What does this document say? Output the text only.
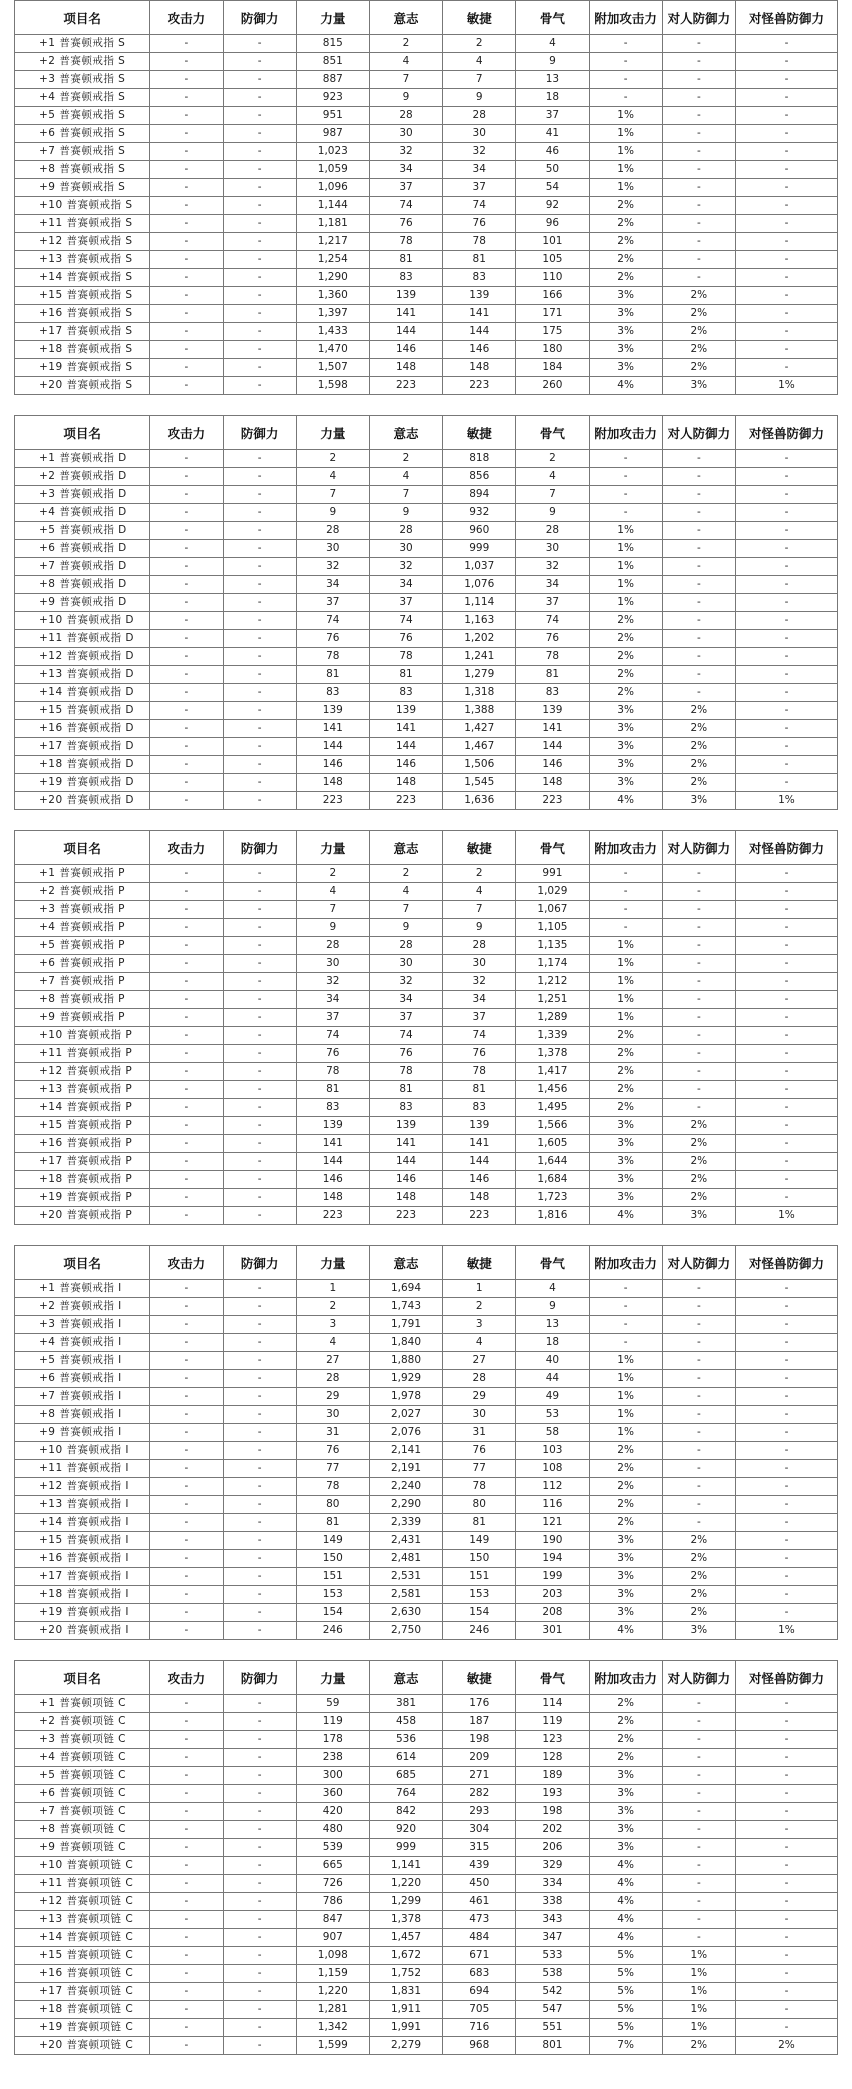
项目名	攻击力	防御力	力量	意志	敏捷	骨气	附加攻击力	对人防御力	对怪兽防御力
+1 普赛顿戒指 S	-	-	815	2	2	4	-	-	-
+2 普赛顿戒指 S	-	-	851	4	4	9	-	-	-
+3 普赛顿戒指 S	-	-	887	7	7	13	-	-	-
+4 普赛顿戒指 S	-	-	923	9	9	18	-	-	-
+5 普赛顿戒指 S	-	-	951	28	28	37	1%	-	-
+6 普赛顿戒指 S	-	-	987	30	30	41	1%	-	-
+7 普赛顿戒指 S	-	-	1,023	32	32	46	1%	-	-
+8 普赛顿戒指 S	-	-	1,059	34	34	50	1%	-	-
+9 普赛顿戒指 S	-	-	1,096	37	37	54	1%	-	-
+10 普赛顿戒指 S	-	-	1,144	74	74	92	2%	-	-
+11 普赛顿戒指 S	-	-	1,181	76	76	96	2%	-	-
+12 普赛顿戒指 S	-	-	1,217	78	78	101	2%	-	-
+13 普赛顿戒指 S	-	-	1,254	81	81	105	2%	-	-
+14 普赛顿戒指 S	-	-	1,290	83	83	110	2%	-	-
+15 普赛顿戒指 S	-	-	1,360	139	139	166	3%	2%	-
+16 普赛顿戒指 S	-	-	1,397	141	141	171	3%	2%	-
+17 普赛顿戒指 S	-	-	1,433	144	144	175	3%	2%	-
+18 普赛顿戒指 S	-	-	1,470	146	146	180	3%	2%	-
+19 普赛顿戒指 S	-	-	1,507	148	148	184	3%	2%	-
+20 普赛顿戒指 S	-	-	1,598	223	223	260	4%	3%	1%
项目名	攻击力	防御力	力量	意志	敏捷	骨气	附加攻击力	对人防御力	对怪兽防御力
+1 普赛顿戒指 D	-	-	2	2	818	2	-	-	-
+2 普赛顿戒指 D	-	-	4	4	856	4	-	-	-
+3 普赛顿戒指 D	-	-	7	7	894	7	-	-	-
+4 普赛顿戒指 D	-	-	9	9	932	9	-	-	-
+5 普赛顿戒指 D	-	-	28	28	960	28	1%	-	-
+6 普赛顿戒指 D	-	-	30	30	999	30	1%	-	-
+7 普赛顿戒指 D	-	-	32	32	1,037	32	1%	-	-
+8 普赛顿戒指 D	-	-	34	34	1,076	34	1%	-	-
+9 普赛顿戒指 D	-	-	37	37	1,114	37	1%	-	-
+10 普赛顿戒指 D	-	-	74	74	1,163	74	2%	-	-
+11 普赛顿戒指 D	-	-	76	76	1,202	76	2%	-	-
+12 普赛顿戒指 D	-	-	78	78	1,241	78	2%	-	-
+13 普赛顿戒指 D	-	-	81	81	1,279	81	2%	-	-
+14 普赛顿戒指 D	-	-	83	83	1,318	83	2%	-	-
+15 普赛顿戒指 D	-	-	139	139	1,388	139	3%	2%	-
+16 普赛顿戒指 D	-	-	141	141	1,427	141	3%	2%	-
+17 普赛顿戒指 D	-	-	144	144	1,467	144	3%	2%	-
+18 普赛顿戒指 D	-	-	146	146	1,506	146	3%	2%	-
+19 普赛顿戒指 D	-	-	148	148	1,545	148	3%	2%	-
+20 普赛顿戒指 D	-	-	223	223	1,636	223	4%	3%	1%
项目名	攻击力	防御力	力量	意志	敏捷	骨气	附加攻击力	对人防御力	对怪兽防御力
+1 普赛顿戒指 P	-	-	2	2	2	991	-	-	-
+2 普赛顿戒指 P	-	-	4	4	4	1,029	-	-	-
+3 普赛顿戒指 P	-	-	7	7	7	1,067	-	-	-
+4 普赛顿戒指 P	-	-	9	9	9	1,105	-	-	-
+5 普赛顿戒指 P	-	-	28	28	28	1,135	1%	-	-
+6 普赛顿戒指 P	-	-	30	30	30	1,174	1%	-	-
+7 普赛顿戒指 P	-	-	32	32	32	1,212	1%	-	-
+8 普赛顿戒指 P	-	-	34	34	34	1,251	1%	-	-
+9 普赛顿戒指 P	-	-	37	37	37	1,289	1%	-	-
+10 普赛顿戒指 P	-	-	74	74	74	1,339	2%	-	-
+11 普赛顿戒指 P	-	-	76	76	76	1,378	2%	-	-
+12 普赛顿戒指 P	-	-	78	78	78	1,417	2%	-	-
+13 普赛顿戒指 P	-	-	81	81	81	1,456	2%	-	-
+14 普赛顿戒指 P	-	-	83	83	83	1,495	2%	-	-
+15 普赛顿戒指 P	-	-	139	139	139	1,566	3%	2%	-
+16 普赛顿戒指 P	-	-	141	141	141	1,605	3%	2%	-
+17 普赛顿戒指 P	-	-	144	144	144	1,644	3%	2%	-
+18 普赛顿戒指 P	-	-	146	146	146	1,684	3%	2%	-
+19 普赛顿戒指 P	-	-	148	148	148	1,723	3%	2%	-
+20 普赛顿戒指 P	-	-	223	223	223	1,816	4%	3%	1%
项目名	攻击力	防御力	力量	意志	敏捷	骨气	附加攻击力	对人防御力	对怪兽防御力
+1 普赛顿戒指 I	-	-	1	1,694	1	4	-	-	-
+2 普赛顿戒指 I	-	-	2	1,743	2	9	-	-	-
+3 普赛顿戒指 I	-	-	3	1,791	3	13	-	-	-
+4 普赛顿戒指 I	-	-	4	1,840	4	18	-	-	-
+5 普赛顿戒指 I	-	-	27	1,880	27	40	1%	-	-
+6 普赛顿戒指 I	-	-	28	1,929	28	44	1%	-	-
+7 普赛顿戒指 I	-	-	29	1,978	29	49	1%	-	-
+8 普赛顿戒指 I	-	-	30	2,027	30	53	1%	-	-
+9 普赛顿戒指 I	-	-	31	2,076	31	58	1%	-	-
+10 普赛顿戒指 I	-	-	76	2,141	76	103	2%	-	-
+11 普赛顿戒指 I	-	-	77	2,191	77	108	2%	-	-
+12 普赛顿戒指 I	-	-	78	2,240	78	112	2%	-	-
+13 普赛顿戒指 I	-	-	80	2,290	80	116	2%	-	-
+14 普赛顿戒指 I	-	-	81	2,339	81	121	2%	-	-
+15 普赛顿戒指 I	-	-	149	2,431	149	190	3%	2%	-
+16 普赛顿戒指 I	-	-	150	2,481	150	194	3%	2%	-
+17 普赛顿戒指 I	-	-	151	2,531	151	199	3%	2%	-
+18 普赛顿戒指 I	-	-	153	2,581	153	203	3%	2%	-
+19 普赛顿戒指 I	-	-	154	2,630	154	208	3%	2%	-
+20 普赛顿戒指 I	-	-	246	2,750	246	301	4%	3%	1%
项目名	攻击力	防御力	力量	意志	敏捷	骨气	附加攻击力	对人防御力	对怪兽防御力
+1 普赛顿项链 C	-	-	59	381	176	114	2%	-	-
+2 普赛顿项链 C	-	-	119	458	187	119	2%	-	-
+3 普赛顿项链 C	-	-	178	536	198	123	2%	-	-
+4 普赛顿项链 C	-	-	238	614	209	128	2%	-	-
+5 普赛顿项链 C	-	-	300	685	271	189	3%	-	-
+6 普赛顿项链 C	-	-	360	764	282	193	3%	-	-
+7 普赛顿项链 C	-	-	420	842	293	198	3%	-	-
+8 普赛顿项链 C	-	-	480	920	304	202	3%	-	-
+9 普赛顿项链 C	-	-	539	999	315	206	3%	-	-
+10 普赛顿项链 C	-	-	665	1,141	439	329	4%	-	-
+11 普赛顿项链 C	-	-	726	1,220	450	334	4%	-	-
+12 普赛顿项链 C	-	-	786	1,299	461	338	4%	-	-
+13 普赛顿项链 C	-	-	847	1,378	473	343	4%	-	-
+14 普赛顿项链 C	-	-	907	1,457	484	347	4%	-	-
+15 普赛顿项链 C	-	-	1,098	1,672	671	533	5%	1%	-
+16 普赛顿项链 C	-	-	1,159	1,752	683	538	5%	1%	-
+17 普赛顿项链 C	-	-	1,220	1,831	694	542	5%	1%	-
+18 普赛顿项链 C	-	-	1,281	1,911	705	547	5%	1%	-
+19 普赛顿项链 C	-	-	1,342	1,991	716	551	5%	1%	-
+20 普赛顿项链 C	-	-	1,599	2,279	968	801	7%	2%	2%
